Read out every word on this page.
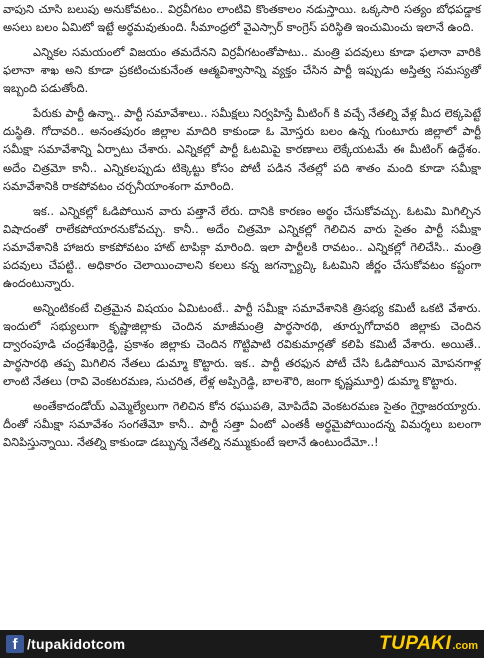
వాపుని చూసి బలుపు అనుకోవటం.. విర్రవీగటం లాంటివి కొంతకాలం నడుస్తాయి. ఒక్కసారి సత్యం బోధపడ్డాక అసలు బలం ఏమిటో ఇట్టే అర్థమవుతుంది. సీమాంధ్రలో వైఎస్సార్ కాంగ్రెస్ పరిస్థితి ఇంచుమించు ఇలానే ఉంది.

ఎన్నికల సమయంలో విజయం తమదేనని విర్రవీగటంతోపాటు.. మంత్రి పదవులు కూడా ఫలానా వారికి ఫలానా శాఖ అని కూడా ప్రకటించుకునేంత ఆత్మవిశ్వాసాన్ని వ్యక్తం చేసిన పార్టీ ఇప్పుడు అస్తిత్వ సమస్యతో ఇబ్బంది పడుతోంది.

పేరుకు పార్టీ ఉన్నా.. పార్టీ సమావేశాలు.. సమీక్షలు నిర్వహిస్తే మీటింగ్ కి వచ్చే నేతల్ని వేళ్ల మీద లెక్కపెట్టే దుస్థితి. గోదావరి.. అనంతపురం జిల్లాల మాదిరి కాకుండా ఓ మోస్తరు బలం ఉన్న గుంటూరు జిల్లాలో పార్టీ సమీక్షా సమావేశాన్ని ఏర్పాటు చేశారు. ఎన్నికల్లో పార్టీ ఓటమిపై కారణాలు లెక్కేయటమే ఈ మీటింగ్ ఉద్దేశం. అదేం చిత్రమో కానీ.. ఎన్నికలప్పుడు టిక్కెట్టు కోసం పోటీ పడిన నేతల్లో పది శాతం మంది కూడా సమీక్షా సమావేశానికి రాకపోవటం చర్చనీయాంశంగా మారింది.

ఇక.. ఎన్నికల్లో ఓడిపోయిన వారు పత్తానే లేరు. దానికి కారణం అర్థం చేసుకోవచ్చు. ఓటమి మిగిల్చిన విషాదంతో రాలేకపోయారనుకోవచ్చు. కానీ.. అదేం చిత్రమో ఎన్నికల్లో గెలిచిన వారు సైతం పార్టీ సమీక్షా సమావేశానికి హాజరు కాకపోవటం హాట్ టాపిక్గా మారింది. ఇలా పార్టీలకి రావటం.. ఎన్నికల్లో గెలిచేసి.. మంత్రి పదవులు చేపట్టి.. అధికారం చెలాయించాలని కలలు కన్న జగన్బ్యాచ్కి ఓటమిని జీర్ణం చేసుకోవటం కష్టంగా ఉందంటున్నారు.

అన్నింటికంటే చిత్రమైన విషయం ఏమిటంటే.. పార్టీ సమీక్షా సమావేశానికి త్రిసభ్య కమిటీ ఒకటి వేశారు. ఇందులో సభ్యులుగా కృష్ణాజిల్లాకు చెందిన మాజీమంత్రి పార్థసారథి, తూర్పుగోదావరి జిల్లాకు చెందిన ద్వారంపూడి చంద్రశేఖర్రెడ్డి, ప్రకాశం జిల్లాకు చెందిన గొట్టిపాటి రవికుమార్లతో కలిపి కమిటీ వేశారు. అయితే.. పార్థసారథి తప్ప మిగిలిన నేతలు డుమ్మా కొట్టారు. ఇక.. పార్టీ తరఫున పోటీ చేసి ఓడిపోయిన మోపనగాళ్ల లాంటి నేతలు (రావి వెంకటరమణ, సుచరిత, లేళ్ల అప్పిరెడ్డి, బాలశౌరి, జంగా కృష్ణమూర్తి) డుమ్మా కొట్టారు.

అంతేకాదండోయ్ ఎమ్మెల్యేలుగా గెలిచిన కోన రఘుపతి, మోపిదేవి వెంకటరమణ సైతం గైర్హాజరయ్యారు. దీంతో సమీక్షా సమావేశం సంగతేమో కానీ.. పార్టీ సత్తా ఏంటో ఎంతకీ అర్థమైపోయిందన్న విమర్శలు బలంగా వినిపిస్తున్నాయి. నేతల్ని కాకుండా డబ్బున్న నేతల్ని నమ్ముకుంటే ఇలానే ఉంటుందేమో..!

f /tupakidotcom	TUPAKI .com
